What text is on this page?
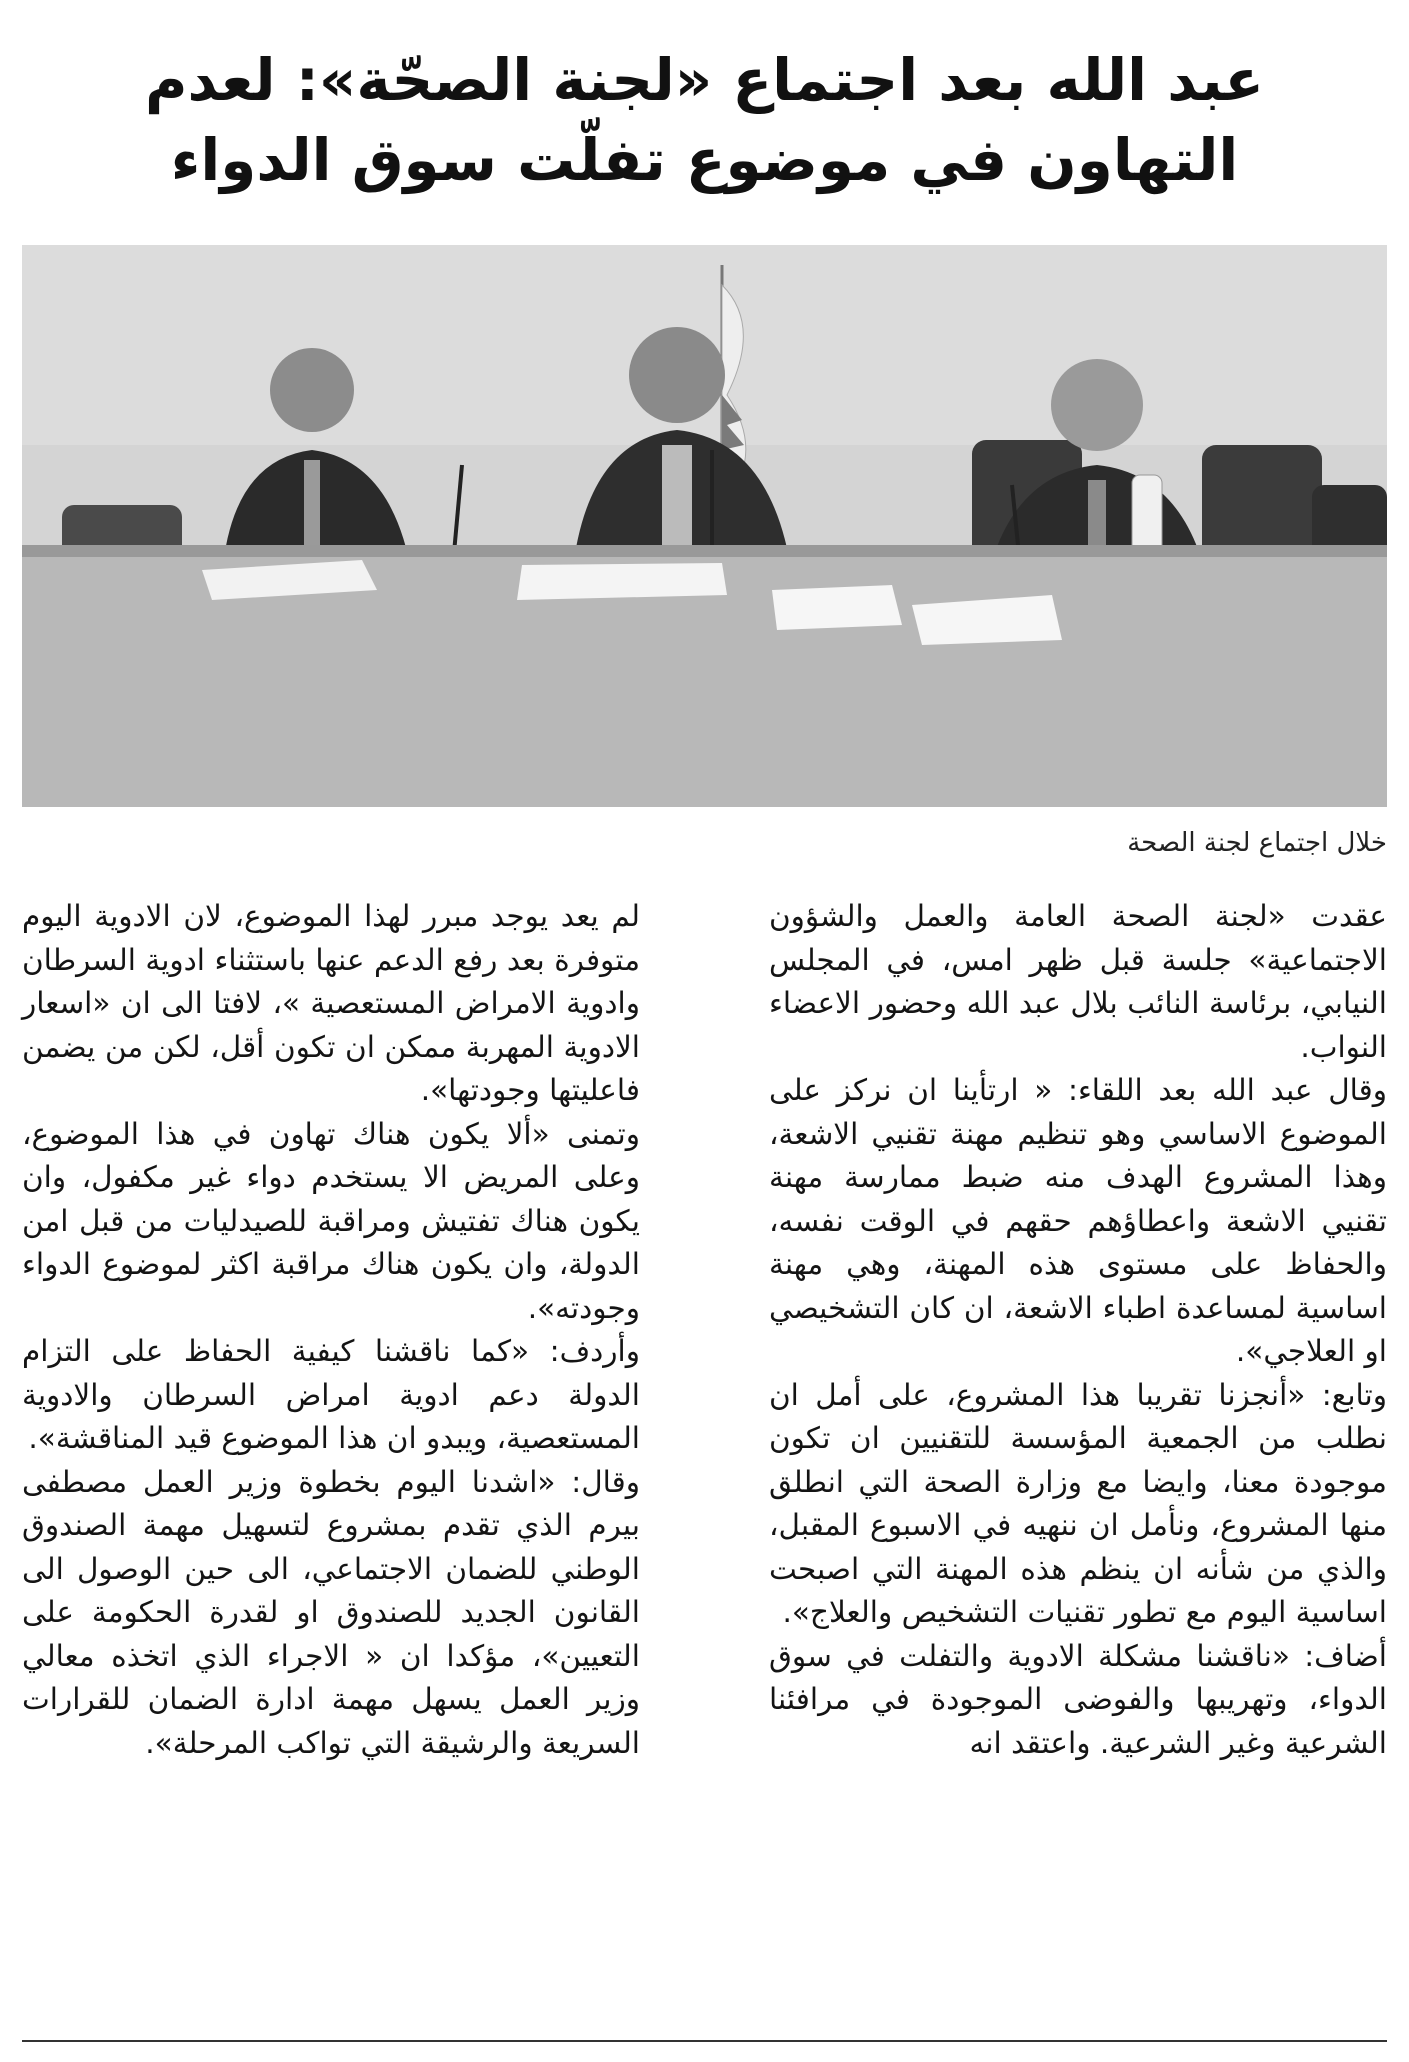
عبد الله بعد اجتماع «لجنة الصحّة»: لعدم
التهاون في موضوع تفلّت سوق الدواء
خلال اجتماع لجنة الصحة

عقدت «لجنة الصحة العامة والعمل والشؤون الاجتماعية» جلسة قبل ظهر امس، في المجلس النيابي، برئاسة النائب بلال عبد الله وحضور الاعضاء النواب.

وقال عبد الله بعد اللقاء: « ارتأينا ان نركز على الموضوع الاساسي وهو تنظيم مهنة تقنيي الاشعة، وهذا المشروع الهدف منه ضبط ممارسة مهنة تقنيي الاشعة واعطاؤهم حقهم في الوقت نفسه، والحفاظ على مستوى هذه المهنة، وهي مهنة اساسية لمساعدة اطباء الاشعة، ان كان التشخيصي او العلاجي».

وتابع: «أنجزنا تقريبا هذا المشروع، على أمل ان نطلب من الجمعية المؤسسة للتقنيين ان تكون موجودة معنا، وايضا مع وزارة الصحة التي انطلق منها المشروع، ونأمل ان ننهيه في الاسبوع المقبل، والذي من شأنه ان ينظم هذه المهنة التي اصبحت اساسية اليوم مع تطور تقنيات التشخيص والعلاج».

أضاف: «ناقشنا مشكلة الادوية والتفلت في سوق الدواء، وتهريبها والفوضى الموجودة في مرافئنا الشرعية وغير الشرعية. واعتقد انه

لم يعد يوجد مبرر لهذا الموضوع، لان الادوية اليوم متوفرة بعد رفع الدعم عنها باستثناء ادوية السرطان وادوية الامراض المستعصية »، لافتا الى ان «اسعار الادوية المهربة ممكن ان تكون أقل، لكن من يضمن فاعليتها وجودتها».

وتمنى «ألا يكون هناك تهاون في هذا الموضوع، وعلى المريض الا يستخدم دواء غير مكفول، وان يكون هناك تفتيش ومراقبة للصيدليات من قبل امن الدولة، وان يكون هناك مراقبة اكثر لموضوع الدواء وجودته».

وأردف: «كما ناقشنا كيفية الحفاظ على التزام الدولة دعم ادوية امراض السرطان والادوية المستعصية، ويبدو ان هذا الموضوع قيد المناقشة».

وقال: «اشدنا اليوم بخطوة وزير العمل مصطفى بيرم الذي تقدم بمشروع لتسهيل مهمة الصندوق الوطني للضمان الاجتماعي، الى حين الوصول الى القانون الجديد للصندوق او لقدرة الحكومة على التعيين»، مؤكدا ان « الاجراء الذي اتخذه معالي وزير العمل يسهل مهمة ادارة الضمان للقرارات السريعة والرشيقة التي تواكب المرحلة».
